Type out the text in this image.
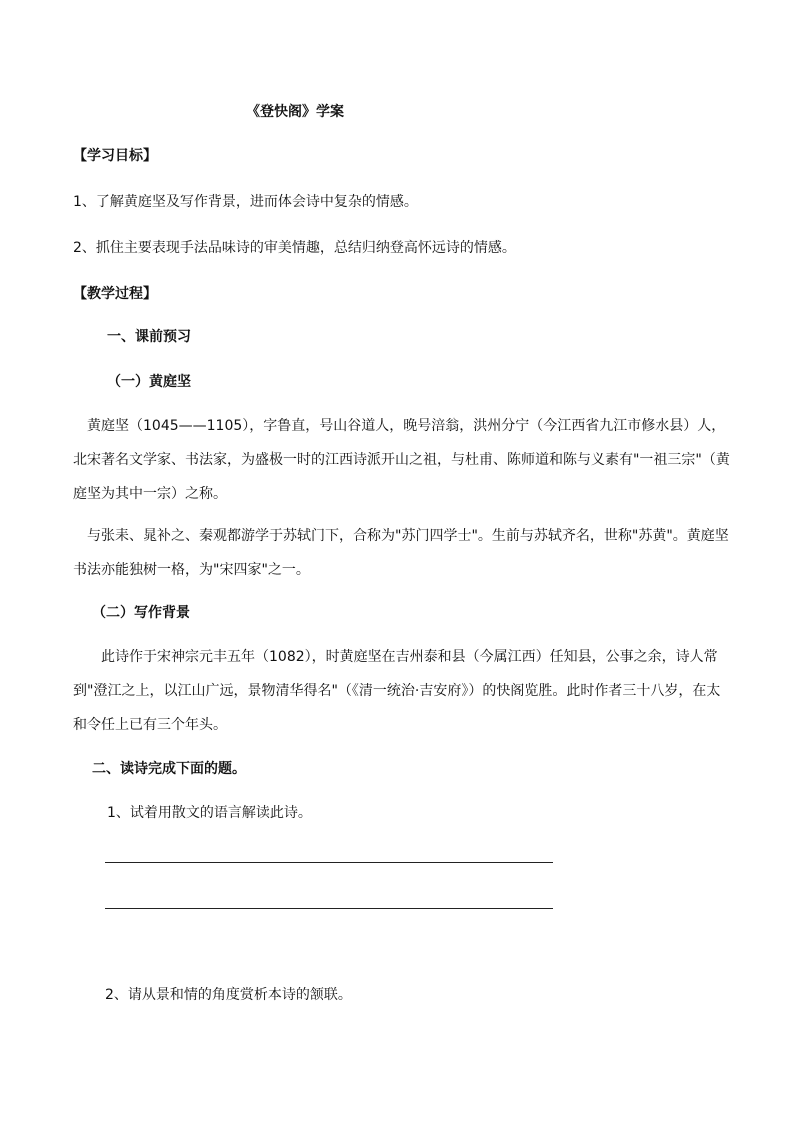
《登快阁》学案
【学习目标】
1、了解黄庭坚及写作背景，进而体会诗中复杂的情感。
2、抓住主要表现手法品味诗的审美情趣，总结归纳登高怀远诗的情感。
【教学过程】
一、课前预习
（一）黄庭坚
黄庭坚（1045——1105），字鲁直，号山谷道人，晚号涪翁，洪州分宁（今江西省九江市修水县）人，北宋著名文学家、书法家，为盛极一时的江西诗派开山之祖，与杜甫、陈师道和陈与义素有"一祖三宗"（黄庭坚为其中一宗）之称。
与张耒、晁补之、秦观都游学于苏轼门下，合称为"苏门四学士"。生前与苏轼齐名，世称"苏黄"。黄庭坚书法亦能独树一格，为"宋四家"之一。
（二）写作背景
此诗作于宋神宗元丰五年（1082），时黄庭坚在吉州泰和县（今属江西）任知县，公事之余，诗人常到"澄江之上，以江山广远，景物清华得名"（《清一统治·吉安府》）的快阁览胜。此时作者三十八岁，在太和令任上已有三个年头。
二、读诗完成下面的题。
1、试着用散文的语言解读此诗。
2、请从景和情的角度赏析本诗的颔联。
